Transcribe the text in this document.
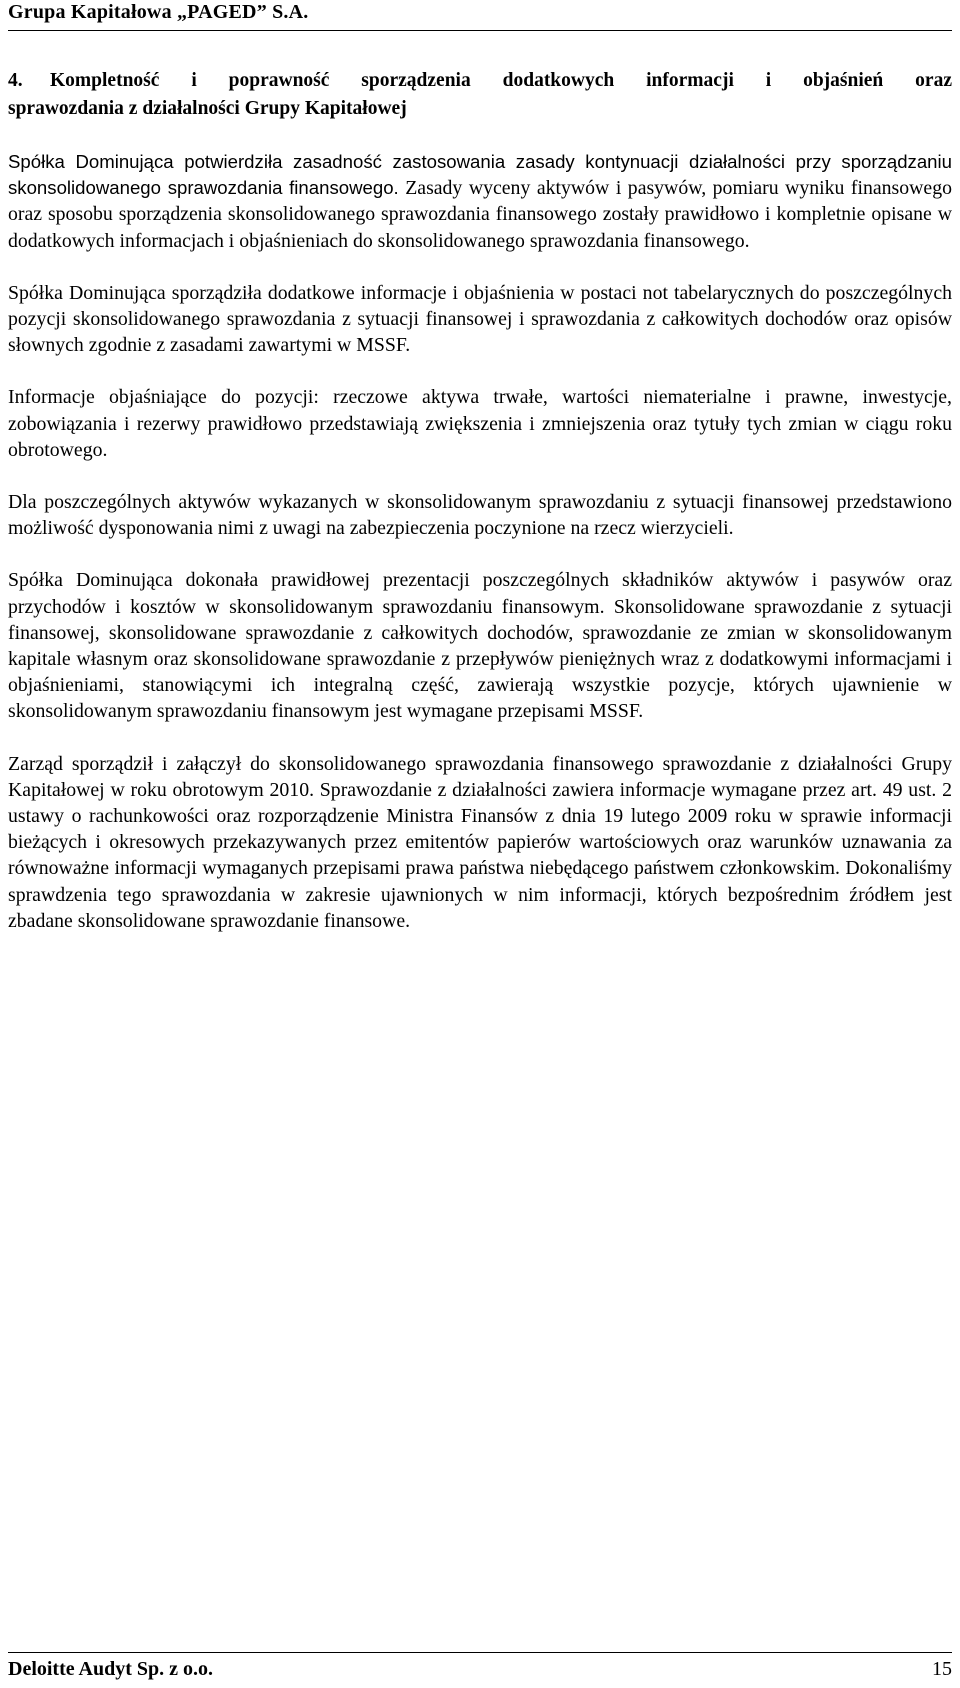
Grupa Kapitałowa „PAGED” S.A.
4. Kompletność i poprawność sporządzenia dodatkowych informacji i objaśnień oraz
sprawozdania z działalności Grupy Kapitałowej

Spółka Dominująca potwierdziła zasadność zastosowania zasady kontynuacji działalności przy sporządzaniu skonsolidowanego sprawozdania finansowego. Zasady wyceny aktywów i pasywów, pomiaru wyniku finansowego oraz sposobu sporządzenia skonsolidowanego sprawozdania finansowego zostały prawidłowo i kompletnie opisane w dodatkowych informacjach i objaśnieniach do skonsolidowanego sprawozdania finansowego.

Spółka Dominująca sporządziła dodatkowe informacje i objaśnienia w postaci not tabelarycznych do poszczególnych pozycji skonsolidowanego sprawozdania z sytuacji finansowej i sprawozdania z całkowitych dochodów oraz opisów słownych zgodnie z zasadami zawartymi w MSSF.

Informacje objaśniające do pozycji: rzeczowe aktywa trwałe, wartości niematerialne i prawne, inwestycje, zobowiązania i rezerwy prawidłowo przedstawiają zwiększenia i zmniejszenia oraz tytuły tych zmian w ciągu roku obrotowego.

Dla poszczególnych aktywów wykazanych w skonsolidowanym sprawozdaniu z sytuacji finansowej przedstawiono możliwość dysponowania nimi z uwagi na zabezpieczenia poczynione na rzecz wierzycieli.

Spółka Dominująca dokonała prawidłowej prezentacji poszczególnych składników aktywów i pasywów oraz przychodów i kosztów w skonsolidowanym sprawozdaniu finansowym. Skonsolidowane sprawozdanie z sytuacji finansowej, skonsolidowane sprawozdanie z całkowitych dochodów, sprawozdanie ze zmian w skonsolidowanym kapitale własnym oraz skonsolidowane sprawozdanie z przepływów pieniężnych wraz z dodatkowymi informacjami i objaśnieniami, stanowiącymi ich integralną część, zawierają wszystkie pozycje, których ujawnienie w skonsolidowanym sprawozdaniu finansowym jest wymagane przepisami MSSF.

Zarząd sporządził i załączył do skonsolidowanego sprawozdania finansowego sprawozdanie z działalności Grupy Kapitałowej w roku obrotowym 2010. Sprawozdanie z działalności zawiera informacje wymagane przez art. 49 ust. 2 ustawy o rachunkowości oraz rozporządzenie Ministra Finansów z dnia 19 lutego 2009 roku w sprawie informacji bieżących i okresowych przekazywanych przez emitentów papierów wartościowych oraz warunków uznawania za równoważne informacji wymaganych przepisami prawa państwa niebędącego państwem członkowskim. Dokonaliśmy sprawdzenia tego sprawozdania w zakresie ujawnionych w nim informacji, których bezpośrednim źródłem jest zbadane skonsolidowane sprawozdanie finansowe.

Deloitte Audyt Sp. z o.o.	15
